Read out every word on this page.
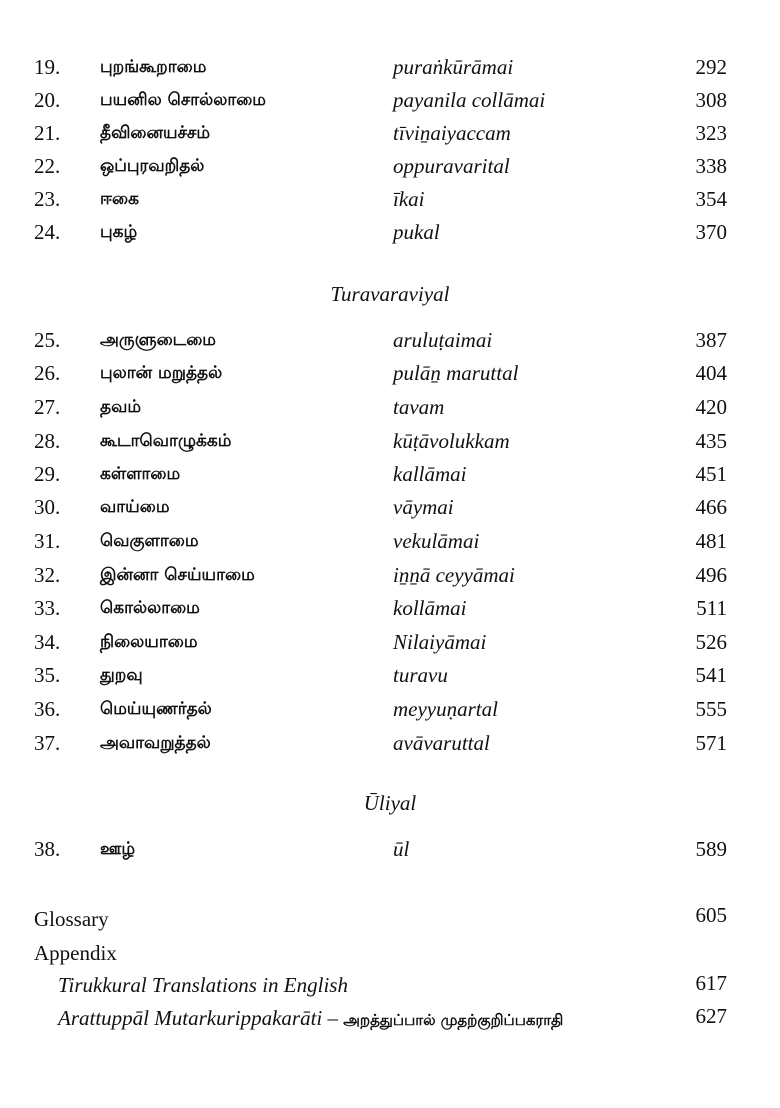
19. புறங்கூறாமை	puraṅkūrāmai	292
20. பயனில சொல்லாமை	payanila collāmai	308
21. தீவினையச்சம்	tīviṉaiyaccam	323
22. ஒப்புரவறிதல்	oppuravarital	338
23. ஈகை	īkai	354
24. புகழ்	pukal	370
Turavaraviyal
25. அருளுடைமை	aruluṭaimai	387
26. புலான் மறுத்தல்	pulāṉ maruttal	404
27. தவம்	tavam	420
28. கூடாவொழுக்கம்	kūṭāvolukkam	435
29. கள்ளாமை	kallāmai	451
30. வாய்மை	vāymai	466
31. வெகுளாமை	vekulāmai	481
32. இன்னா செய்யாமை	iṉṉā ceyyāmai	496
33. கொல்லாமை	kollāmai	511
34. நிலையாமை	Nilaiyāmai	526
35. துறவு	turavu	541
36. மெய்யுணர்தல்	meyyuṇartal	555
37. அவாவறுத்தல்	avāvaruttal	571
Ūliyal
38. ஊழ்	ūl	589
Glossary	605
Appendix
Tirukkural Translations in English	617
Arattuppāl Mutarkurippakarāti – அறத்துப்பால் முதற்குறிப்பகராதி	627
